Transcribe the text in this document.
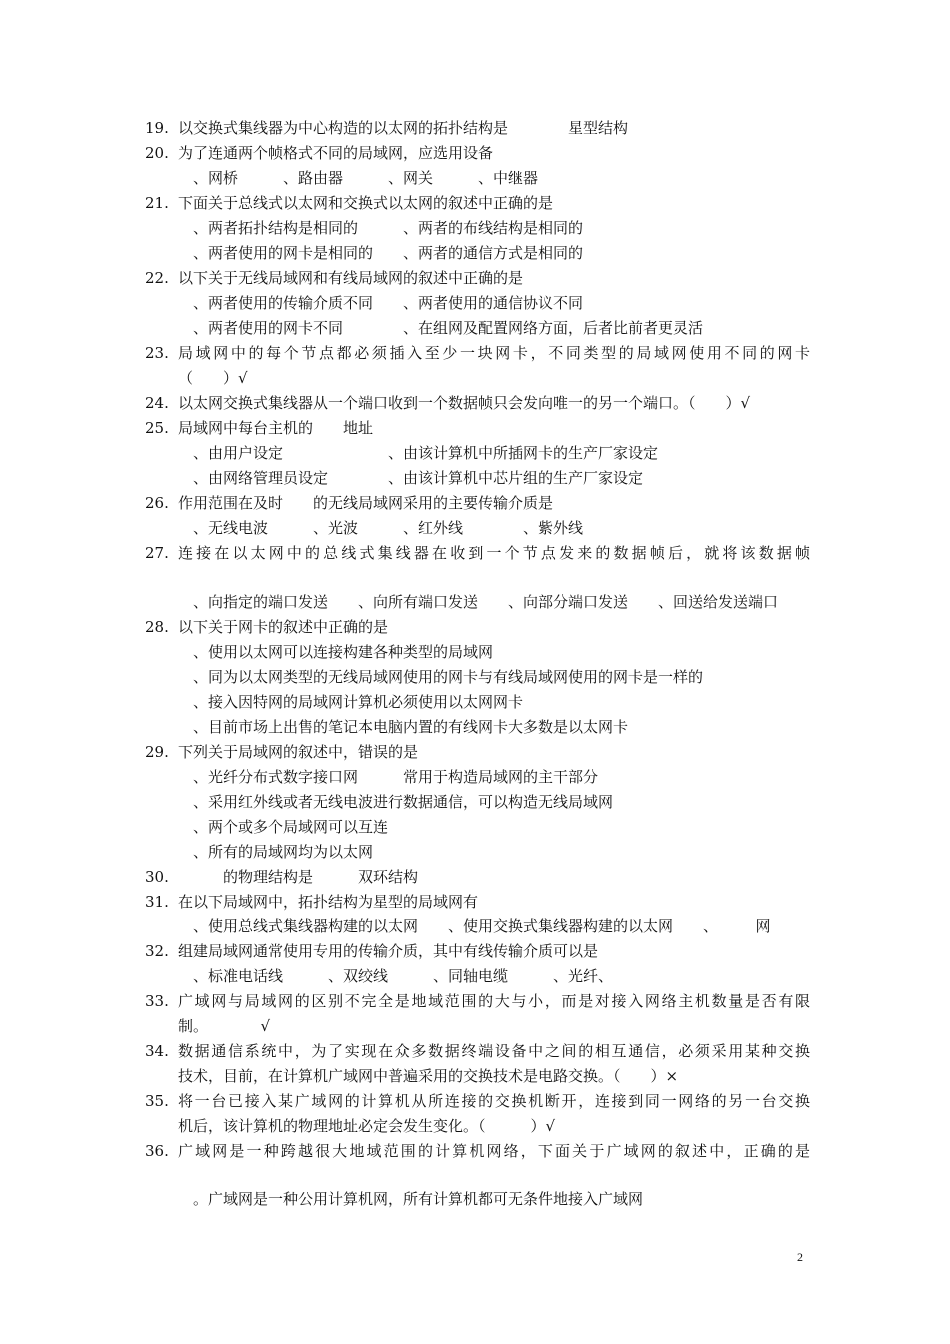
19. 以交换式集线器为中心构造的以太网的拓扑结构是　　　　星型结构
20. 为了连通两个帧格式不同的局域网，应选用设备
　、网桥　　　、路由器　　　、网关　　　、中继器
21. 下面关于总线式以太网和交换式以太网的叙述中正确的是
　、两者拓扑结构是相同的　　　、两者的布线结构是相同的
　、两者使用的网卡是相同的　　、两者的通信方式是相同的
22. 以下关于无线局域网和有线局域网的叙述中正确的是
　、两者使用的传输介质不同　　、两者使用的通信协议不同
　、两者使用的网卡不同　　　　、在组网及配置网络方面，后者比前者更灵活
23. 局域网中的每个节点都必须插入至少一块网卡，不同类型的局域网使用不同的网卡
（　　）√
24. 以太网交换式集线器从一个端口收到一个数据帧只会发向唯一的另一个端口。（　　）√
25. 局域网中每台主机的　　地址
　、由用户设定　　　　　　　、由该计算机中所插网卡的生产厂家设定
　、由网络管理员设定　　　　、由该计算机中芯片组的生产厂家设定
26. 作用范围在及时　　的无线局域网采用的主要传输介质是
　、无线电波　　　、光波　　　、红外线　　　　、紫外线
27. 连接在以太网中的总线式集线器在收到一个节点发来的数据帧后，就将该数据帧
　、向指定的端口发送　　、向所有端口发送　　、向部分端口发送　　、回送给发送端口
28. 以下关于网卡的叙述中正确的是
　、使用以太网可以连接构建各种类型的局域网
　、同为以太网类型的无线局域网使用的网卡与有线局域网使用的网卡是一样的
　、接入因特网的局域网计算机必须使用以太网网卡
　、目前市场上出售的笔记本电脑内置的有线网卡大多数是以太网卡
29. 下列关于局域网的叙述中，错误的是
　、光纤分布式数字接口网　　　常用于构造局域网的主干部分
　、采用红外线或者无线电波进行数据通信，可以构造无线局域网
　、两个或多个局域网可以互连
　、所有的局域网均为以太网
30. 　　　的物理结构是　　　双环结构
31. 在以下局域网中，拓扑结构为星型的局域网有
　、使用总线式集线器构建的以太网　　、使用交换式集线器构建的以太网　　、　　　网
32. 组建局域网通常使用专用的传输介质，其中有线传输介质可以是
　、标准电话线　　　、双绞线　　　、同轴电缆　　　、光纤、
33. 广域网与局域网的区别不完全是地域范围的大与小，而是对接入网络主机数量是否有限
制。　　　　√
34. 数据通信系统中，为了实现在众多数据终端设备中之间的相互通信，必须采用某种交换
技术，目前，在计算机广域网中普遍采用的交换技术是电路交换。（　　）×
35. 将一台已接入某广域网的计算机从所连接的交换机断开，连接到同一网络的另一台交换
机后，该计算机的物理地址必定会发生变化。（　　　）√
36. 广域网是一种跨越很大地域范围的计算机网络，下面关于广域网的叙述中，正确的是
　。广域网是一种公用计算机网，所有计算机都可无条件地接入广域网
2
